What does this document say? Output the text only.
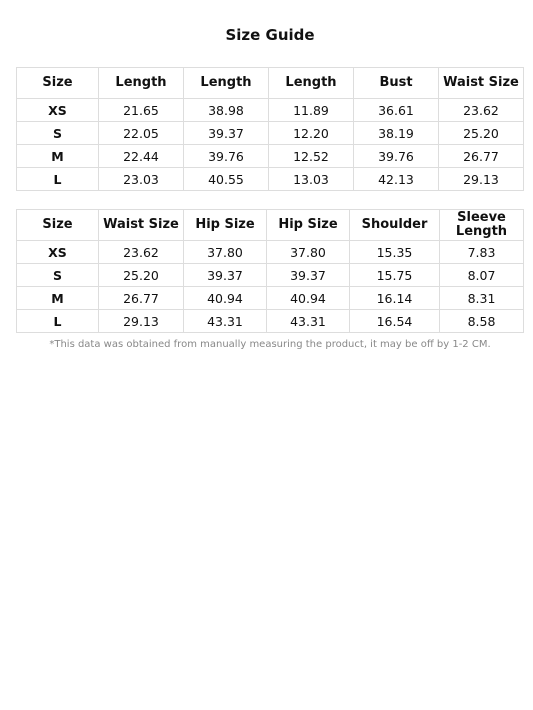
Size Guide
Size	Length	Length	Length	Bust	Waist Size
XS	21.65	38.98	11.89	36.61	23.62
S	22.05	39.37	12.20	38.19	25.20
M	22.44	39.76	12.52	39.76	26.77
L	23.03	40.55	13.03	42.13	29.13
Size	Waist Size	Hip Size	Hip Size	Shoulder	Sleeve Length
XS	23.62	37.80	37.80	15.35	7.83
S	25.20	39.37	39.37	15.75	8.07
M	26.77	40.94	40.94	16.14	8.31
L	29.13	43.31	43.31	16.54	8.58
*This data was obtained from manually measuring the product, it may be off by 1-2 CM.
